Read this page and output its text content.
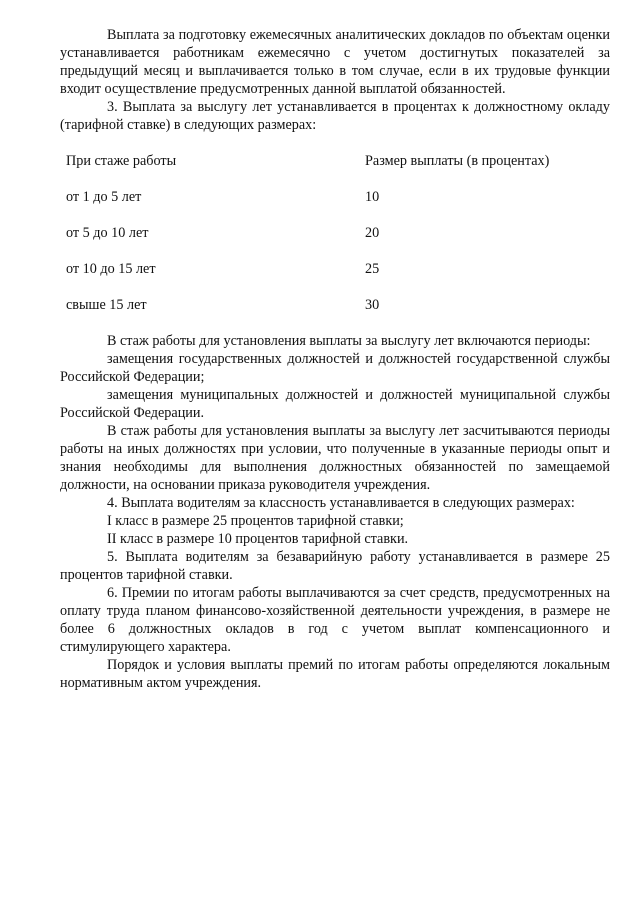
Выплата за подготовку ежемесячных аналитических докладов по объектам оценки устанавливается работникам ежемесячно с учетом достигнутых показателей за предыдущий месяц и выплачивается только в том случае, если в их трудовые функции входит осуществление предусмотренных данной выплатой обязанностей.

3. Выплата за выслугу лет устанавливается в процентах к должностному окладу (тарифной ставке) в следующих размерах:

При стаже работы	Размер выплаты (в процентах)
от 1 до 5 лет	10
от 5 до 10 лет	20
от 10 до 15 лет	25
свыше 15 лет	30

В стаж работы для установления выплаты за выслугу лет включаются периоды:

замещения государственных должностей и должностей государственной службы Российской Федерации;

замещения муниципальных должностей и должностей муниципальной службы Российской Федерации.

В стаж работы для установления выплаты за выслугу лет засчитываются периоды работы на иных должностях при условии, что полученные в указанные периоды опыт и знания необходимы для выполнения должностных обязанностей по замещаемой должности, на основании приказа руководителя учреждения.

4. Выплата водителям за классность устанавливается в следующих размерах:

I класс в размере 25 процентов тарифной ставки;

II класс в размере 10 процентов тарифной ставки.

5. Выплата водителям за безаварийную работу устанавливается в размере 25 процентов тарифной ставки.

6. Премии по итогам работы выплачиваются за счет средств, предусмотренных на оплату труда планом финансово-хозяйственной деятельности учреждения, в размере не более 6 должностных окладов в год с учетом выплат компенсационного и стимулирующего характера.

Порядок и условия выплаты премий по итогам работы определяются локальным нормативным актом учреждения.
